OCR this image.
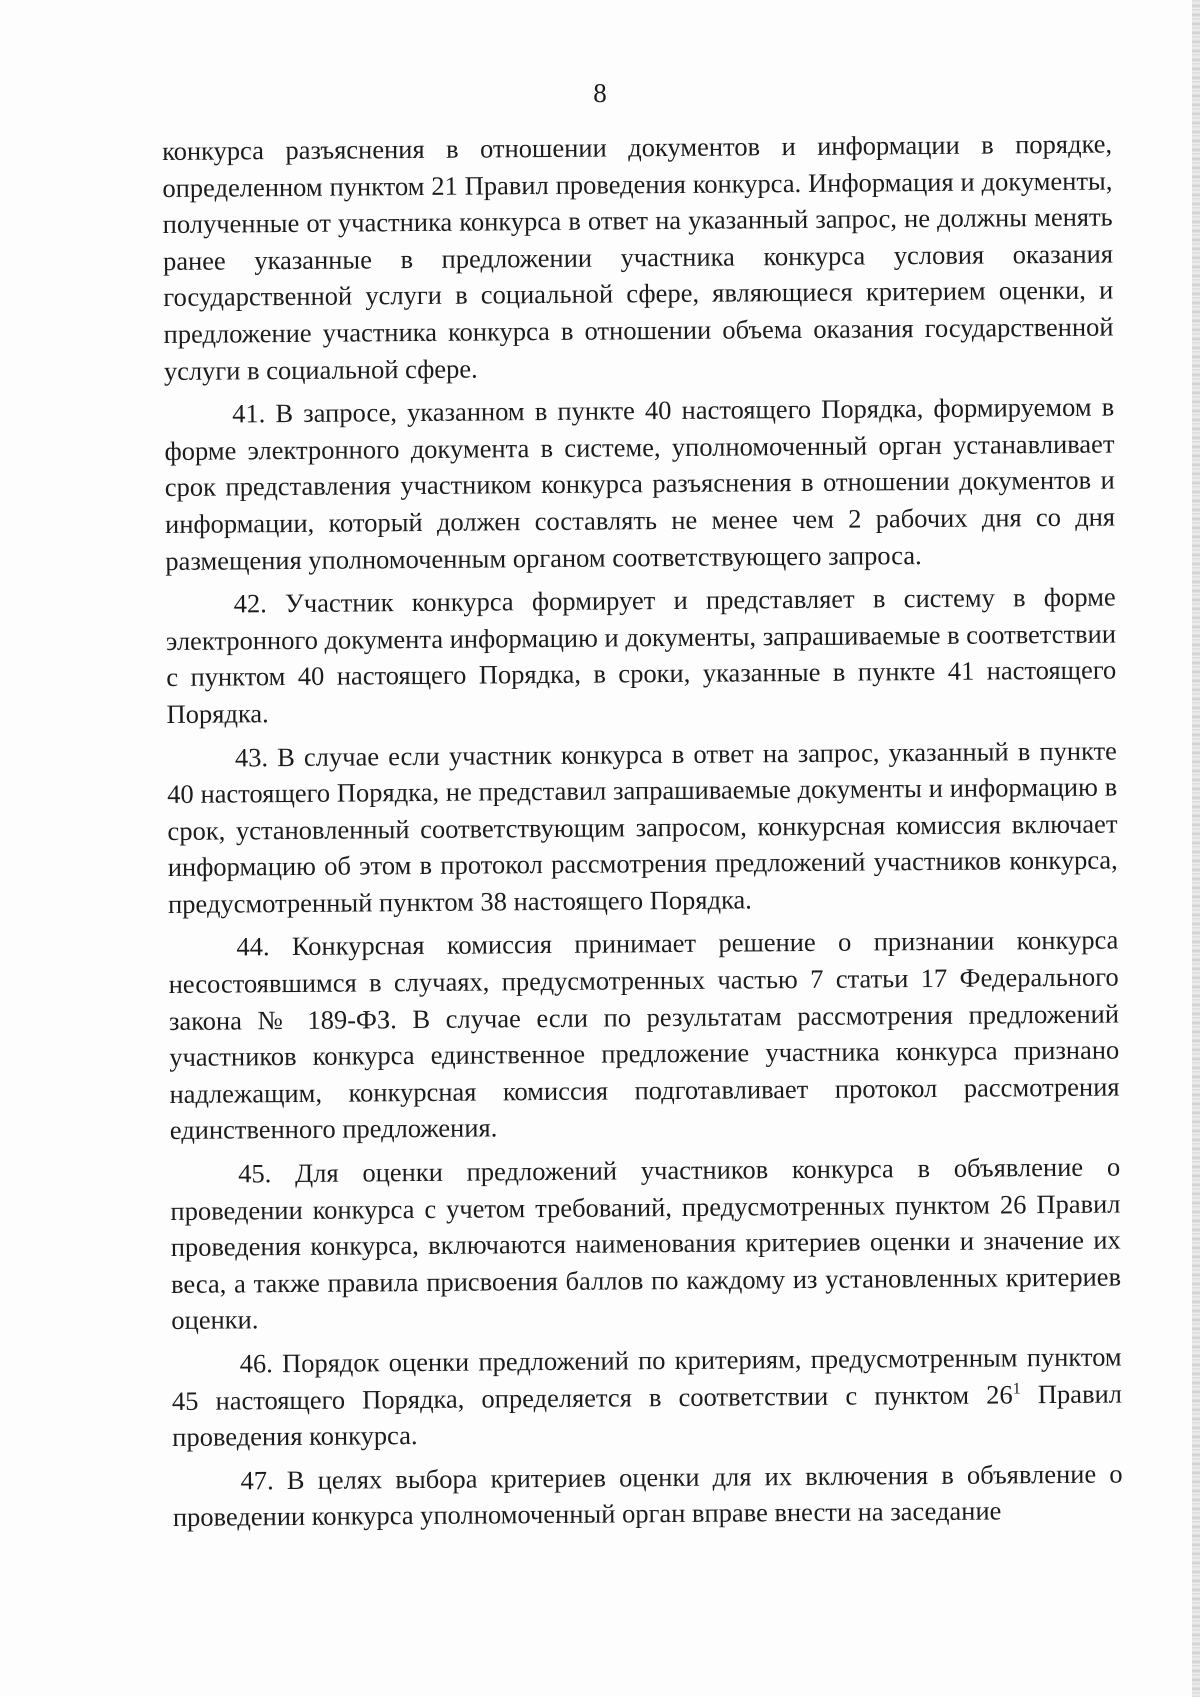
8

конкурса разъяснения в отношении документов и информации в порядке, определенном пунктом 21 Правил проведения конкурса. Информация и документы, полученные от участника конкурса в ответ на указанный запрос, не должны менять ранее указанные в предложении участника конкурса условия оказания государственной услуги в социальной сфере, являющиеся критерием оценки, и предложение участника конкурса в отношении объема оказания государственной услуги в социальной сфере.

41. В запросе, указанном в пункте 40 настоящего Порядка, формируемом в форме электронного документа в системе, уполномоченный орган устанавливает срок представления участником конкурса разъяснения в отношении документов и информации, который должен составлять не менее чем 2 рабочих дня со дня размещения уполномоченным органом соответствующего запроса.

42. Участник конкурса формирует и представляет в систему в форме электронного документа информацию и документы, запрашиваемые в соответствии с пунктом 40 настоящего Порядка, в сроки, указанные в пункте 41 настоящего Порядка.

43. В случае если участник конкурса в ответ на запрос, указанный в пункте 40 настоящего Порядка, не представил запрашиваемые документы и информацию в срок, установленный соответствующим запросом, конкурсная комиссия включает информацию об этом в протокол рассмотрения предложений участников конкурса, предусмотренный пунктом 38 настоящего Порядка.

44. Конкурсная комиссия принимает решение о признании конкурса несостоявшимся в случаях, предусмотренных частью 7 статьи 17 Федерального закона № 189-ФЗ. В случае если по результатам рассмотрения предложений участников конкурса единственное предложение участника конкурса признано надлежащим, конкурсная комиссия подготавливает протокол рассмотрения единственного предложения.

45. Для оценки предложений участников конкурса в объявление о проведении конкурса с учетом требований, предусмотренных пунктом 26 Правил проведения конкурса, включаются наименования критериев оценки и значение их веса, а также правила присвоения баллов по каждому из установленных критериев оценки.

46. Порядок оценки предложений по критериям, предусмотренным пунктом 45 настоящего Порядка, определяется в соответствии с пунктом $26^1$ Правил проведения конкурса.

47. В целях выбора критериев оценки для их включения в объявление о проведении конкурса уполномоченный орган вправе внести на заседание
